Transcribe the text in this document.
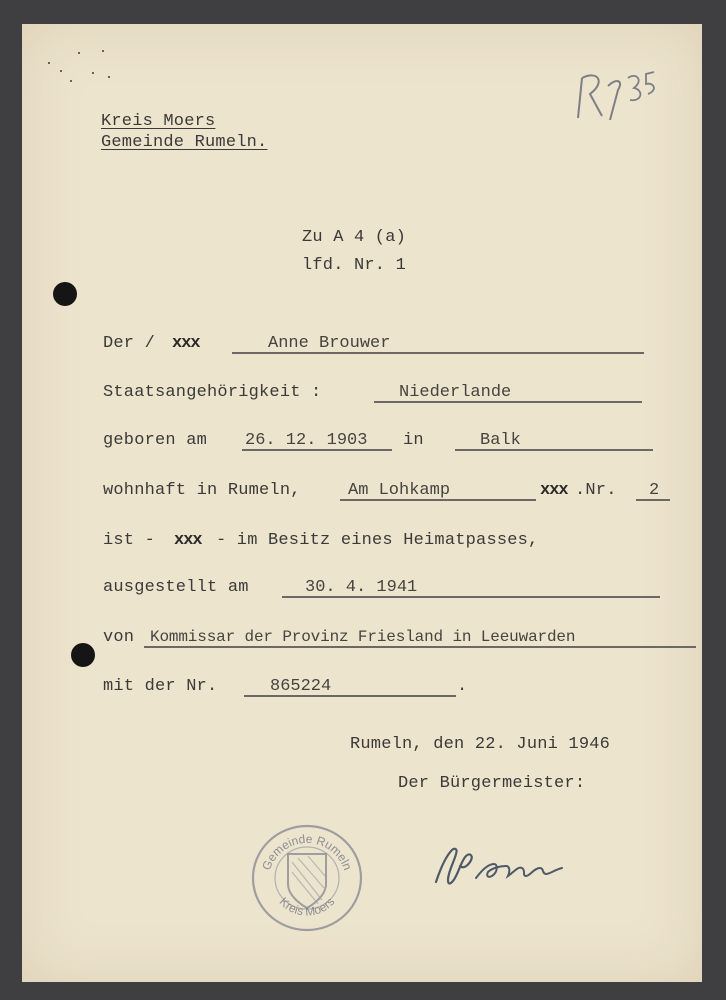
Kreis Moers
Gemeinde Rumeln.
Zu A 4 (a)
lfd. Nr. 1
Der / xxx	Anne Brouwer
Staatsangehörigkeit :	Niederlande
geboren am 26. 12. 1903 in	Balk
wohnhaft in Rumeln,	Am Lohkamp	xxx .Nr. 2
ist - xxx - im Besitz eines Heimatpasses,
ausgestellt am	30. 4. 1941
von Kommissar der Provinz Friesland in Leeuwarden
mit der Nr.	865224	.
Rumeln, den 22. Juni 1946
Der Bürgermeister:
Gemeinde Rumeln
Kreis Moers
